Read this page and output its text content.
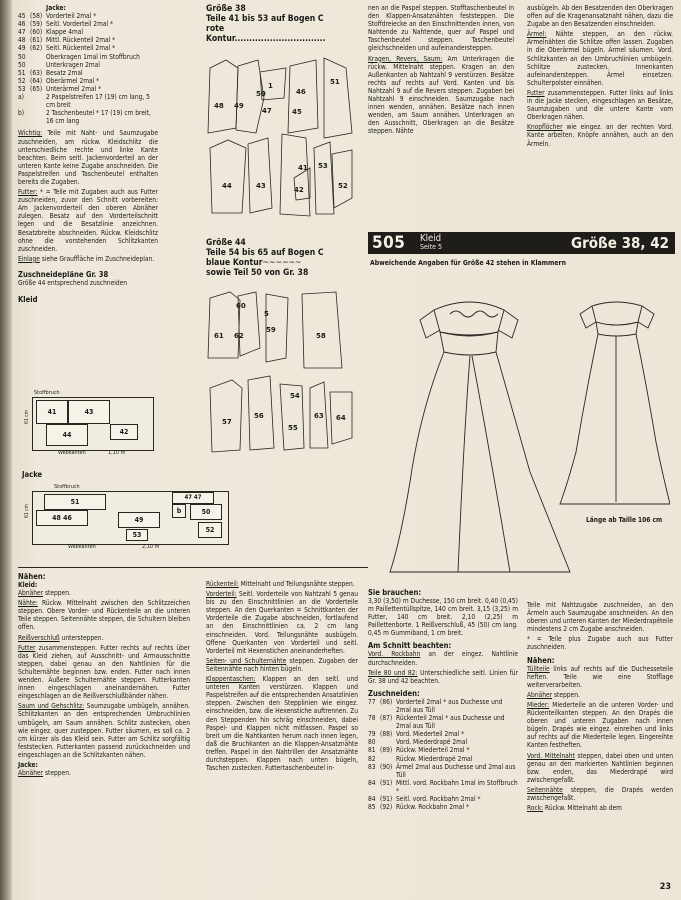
Jacke:
45 (58) Vorderteil 2mal *
46 (59) Seitl. Vorderteil 2mal *
47 (60) Klappe 4mal
48 (61) Mittl. Rückenteil 2mal *
49 (62) Seitl. Rückenteil 2mal *
50	Oberkragen 1mal im Stoffbruch
50	Unterkragen 2mal
51 (63) Besatz 2mal
52 (64) Oberärmel 2mal *
53 (65) Unterärmel 2mal *
a)	2 Paspelstreifen 17 (19) cm lang, 5 cm breit
b)	2 Taschenbeutel * 17 (19) cm breit, 16 cm lang

Wichtig: Teile mit Naht- und Saumzugabe zuschneiden, am rückw. Kleidschlitz die unterschiedliche rechte und linke Kante beachten. Beim seitl. Jackenvorderteil an der unteren Kante keine Zugabe anschneiden. Die Paspelstreifen und Taschenbeutel enthalten bereits die Zugaben.

Futter: * = Teile mit Zugaben auch aus Futter zuschneiden, zuvor den Schnitt vorbereiten: Am Jackenvorderteil den oberen Abnäher zulegen. Besatz auf den Vorderteilschnitt legen und die Besatzlinie anzeichnen. Besatzbreite abschneiden. Rückw. Kleidschlitz ohne die vorstehenden Schlitzkanten zuschneiden.

Einlage siehe Grauffläche im Zuschneideplan.

Zuschneidepläne Gr. 38
Größe 44 entsprechend zuschneiden
Kleid
Stoffbruch
41	43
44	42
61 cm
Webkanten	1,10 m
Jacke
Stoffbruch
51
47 47
48 46	49
b	50
53
52
61 cm
Webkanten	2,10 m
Größe 38
Teile 41 bis 53 auf Bogen C
rote Kontur...............................
48 49
50
1
47	45
51
46
44	43
41
42
53
52
Größe 44
Teile 54 bis 65 auf Bogen C
blaue Kontur~~~~~~
sowie Teil 50 von Gr. 38
60
61 62
5
59
58
57
56
54
55
63 64

nen an die Paspel steppen. Stofftaschenbeutel in den Klappen-Ansatznähten feststeppen. Die Stoffdreiecke an den Einschnittenden innen, von Nahtende zu Nahtende, quer auf Paspel und Taschenbeutel steppen. Taschenbeutel gleichschneiden und aufeinandersteppen.

Kragen, Revers, Saum: Am Unterkragen die rückw. Mittelnaht steppen. Kragen an den Außenkanten ab Nahtzahl 9 verstürzen. Besätze rechts auf rechts auf Vord. Kanten und bis Nahtzahl 9 auf die Revers steppen. Zugaben bei Nahtzahl 9 einschneiden. Saumzugabe nach innen wenden, annähen. Besätze nach innen wenden, am Saum annähen. Unterkragen an den Ausschnitt, Oberkragen an die Besätze steppen. Nähte

ausbügeln. Ab den Besatzenden den Oberkragen offen auf die Kragenansatznaht nähen, dazu die Zugabe an den Besatzenden einschneiden.

Ärmel: Nähte steppen, an den rückw. Ärmelnähten die Schlitze offen lassen. Zugaben in die Oberärmel bügeln. Ärmel säumen. Vord. Schlitzkanten an den Umbruchlinien umbügeln. Schlitze zustecken. Innenkanten aufeinandersteppen. Ärmel einsetzen. Schulterpolster einnähen.

Futter zusammensteppen. Futter links auf links in die Jacke stecken, eingeschlagen an Besätze, Saumzugaben und die untere Kante vom Oberkragen nähen.

Knopflöcher wie eingez. an der rechten Vord. Kante arbeiten. Knöpfe annähen, auch an den Ärmeln.

505 Kleid
Seite 5	Größe 38, 42
Abweichende Angaben für Größe 42 stehen in Klammern
Länge ab Taille 106 cm
Nähen:
Kleid:

Abnäher steppen.

Nähte: Rückw. Mittelnaht zwischen den Schlitzzeichen steppen. Obere Vorder- und Rückenteile an die unteren Teile steppen. Seitennähte steppen, die Schultern bleiben offen.

Reißverschluß untersteppen.

Futter zusammensteppen. Futter rechts auf rechts über das Kleid ziehen, auf Ausschnitt- und Armausschnitte steppen, dabei genau an den Nahtlinien für die Schulternähte beginnen bzw. enden. Futter nach innen wenden. Äußere Schulternähte steppen. Futterkanten innen eingeschlagen aneinandernähen. Futter eingeschlagen an die Reißverschlußbänder nähen.

Saum und Gehschlitz: Saumzugabe umbügeln, annähen. Schlitzkanten an den entsprechenden Umbruchlinien umbügeln, am Saum annähen. Schlitz zustecken, oben wie eingez. quer zusteppen. Futter säumen, es soll ca. 2 cm kürzer als das Kleid sein. Futter am Schlitz sorgfältig feststecken. Futterkanten passend zurückschneiden und eingeschlagen an die Schlitzkanten nähen.

Jacke:

Abnäher steppen.

Rückenteil: Mittelnaht und Teilungsnähte steppen.

Vorderteil: Seitl. Vorderteile von Nahtzahl 5 genau bis zu den Einschnittlinien an die Vorderteile steppen. An den Querkanten = Schnittkanten der Vorderteile die Zugabe abschneiden, fortlaufend an den Einschnittlinien ca. 2 cm lang einschneiden. Vord. Teilungsnähte ausbügeln. Offene Querkanten von Vorderteil und seitl. Vorderteil mit Hexenstichen aneinanderheften.

Seiten- und Schulternähte steppen. Zugaben der Seitennähte nach hinten bügeln.

Klappentaschen: Klappen an den seitl. und unteren Kanten verstürzen. Klappen und Paspelstreifen auf die entsprechenden Ansatzlinien steppen. Zwischen den Stepplinien wie eingez. einschneiden, bzw. die Hexenstiche auftrennen. Zu den Steppenden hin schräg einschneiden, dabei Paspel- und Klappen nicht mitfassen. Paspel so breit um die Nahtkanten herum nach innen legen, daß die Bruchkanten an die Klappen-Ansatznähte treffen. Paspel in den Nahtrillen der Ansatznähte durchsteppen. Klappen nach unten bügeln, Taschen zustecken. Futtertaschenbeutel in-

Sie brauchen:

3,30 (3,50) m Duchesse, 150 cm breit. 0,40 (0,45) m Paillettentüllspitze, 140 cm breit. 3,15 (3,25) m Futter, 140 cm breit. 2,10 (2,25) m Paillettenborte. 1 Reißverschluß, 45 (50) cm lang. 0,45 m Gummiband, 1 cm breit.

Am Schnitt beachten:

Vord. Rockbahn an der eingez. Nahtlinie durchschneiden.

Teile 80 und 82: Unterschiedliche seitl. Linien für Gr. 38 und 42 beachten.

Zuschneiden:
77 (86) Vorderteil 2mal * aus Duchesse und 2mal aus Tüll
78 (87) Rückenteil 2mal * aus Duchesse und 2mal aus Tüll
79 (88) Vord. Miederteil 2mal *
80	Vord. Miederdrapé 2mal
81 (89) Rückw. Miederteil 2mal *
82	Rückw. Miederdrapé 2mal
83 (90) Ärmel 2mal aus Duchesse und 2mal aus Tüll
84 (91) Mittl. vord. Rockbahn 1mal im Stoffbruch *
84 (91) Seitl. vord. Rockbahn 2mal *
85 (92) Rückw. Rockbahn 2mal *

Teile mit Nahtzugabe zuschneiden, an den Ärmeln auch Saumzugabe anschneiden. An den oberen und unteren Kanten der Miederdrapéteile mindestens 2 cm Zugabe anschneiden.

* = Teile plus Zugabe auch aus Futter zuschneiden.

Nähen:

Tüllteile links auf rechts auf die Duchesseteile heften. Teile wie eine Stofflage weiterverarbeiten.

Abnäher steppen.

Mieder: Miederteile an die unteren Vorder- und Rückenteilkanten steppen. An den Drapés die oberen und unteren Zugaben nach innen bügeln. Drapés wie eingez. einreihen und links auf rechts auf die Miederteile legen. Eingereihte Kanten festheften.

Vord. Mittelnaht steppen, dabei oben und unten genau an den markierten Nahtlinien beginnen bzw. enden, das Miederdrapé wird zwischengefaßt.

Seitennähte steppen, die Drapés werden zwischengefaßt.

Rock: Rückw. Mittelnaht ab dem

23
